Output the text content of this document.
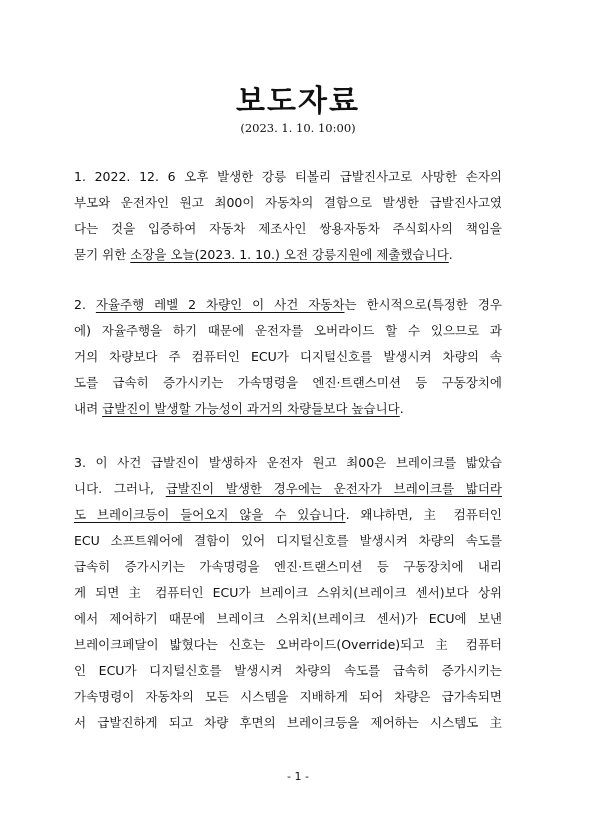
보도자료
(2023. 1. 10. 10:00)
1. 2022. 12. 6 오후 발생한 강릉 티볼리 급발진사고로 사망한 손자의
부모와 운전자인 원고 최00이 자동차의 결함으로 발생한 급발진사고였
다는 것을 입증하여 자동차 제조사인 쌍용자동차 주식회사의 책임을
묻기 위한 소장을 오늘(2023. 1. 10.) 오전 강릉지원에 제출했습니다.
2. 자율주행 레벨 2 차량인 이 사건 자동차는 한시적으로(특정한 경우
에) 자율주행을 하기 때문에 운전자를 오버라이드 할 수 있으므로 과
거의 차량보다 주 컴퓨터인 ECU가 디지털신호를 발생시켜 차량의 속
도를 급속히 증가시키는 가속명령을 엔진·트랜스미션 등 구동장치에
내려 급발진이 발생할 가능성이 과거의 차량들보다 높습니다.
3. 이 사건 급발진이 발생하자 운전자 원고 최00은 브레이크를 밟았습
니다. 그러나, 급발진이 발생한 경우에는 운전자가 브레이크를 밟더라
도 브레이크등이 들어오지 않을 수 있습니다. 왜냐하면, 主 컴퓨터인
ECU 소프트웨어에 결함이 있어 디지털신호를 발생시켜 차량의 속도를
급속히 증가시키는 가속명령을 엔진·트랜스미션 등 구동장치에 내리
게 되면 主 컴퓨터인 ECU가 브레이크 스위치(브레이크 센서)보다 상위
에서 제어하기 때문에 브레이크 스위치(브레이크 센서)가 ECU에 보낸
브레이크페달이 밟혔다는 신호는 오버라이드(Override)되고 主 컴퓨터
인 ECU가 디지털신호를 발생시켜 차량의 속도를 급속히 증가시키는
가속명령이 자동차의 모든 시스템을 지배하게 되어 차량은 급가속되면
서 급발진하게 되고 차량 후면의 브레이크등을 제어하는 시스템도 主
- 1 -
